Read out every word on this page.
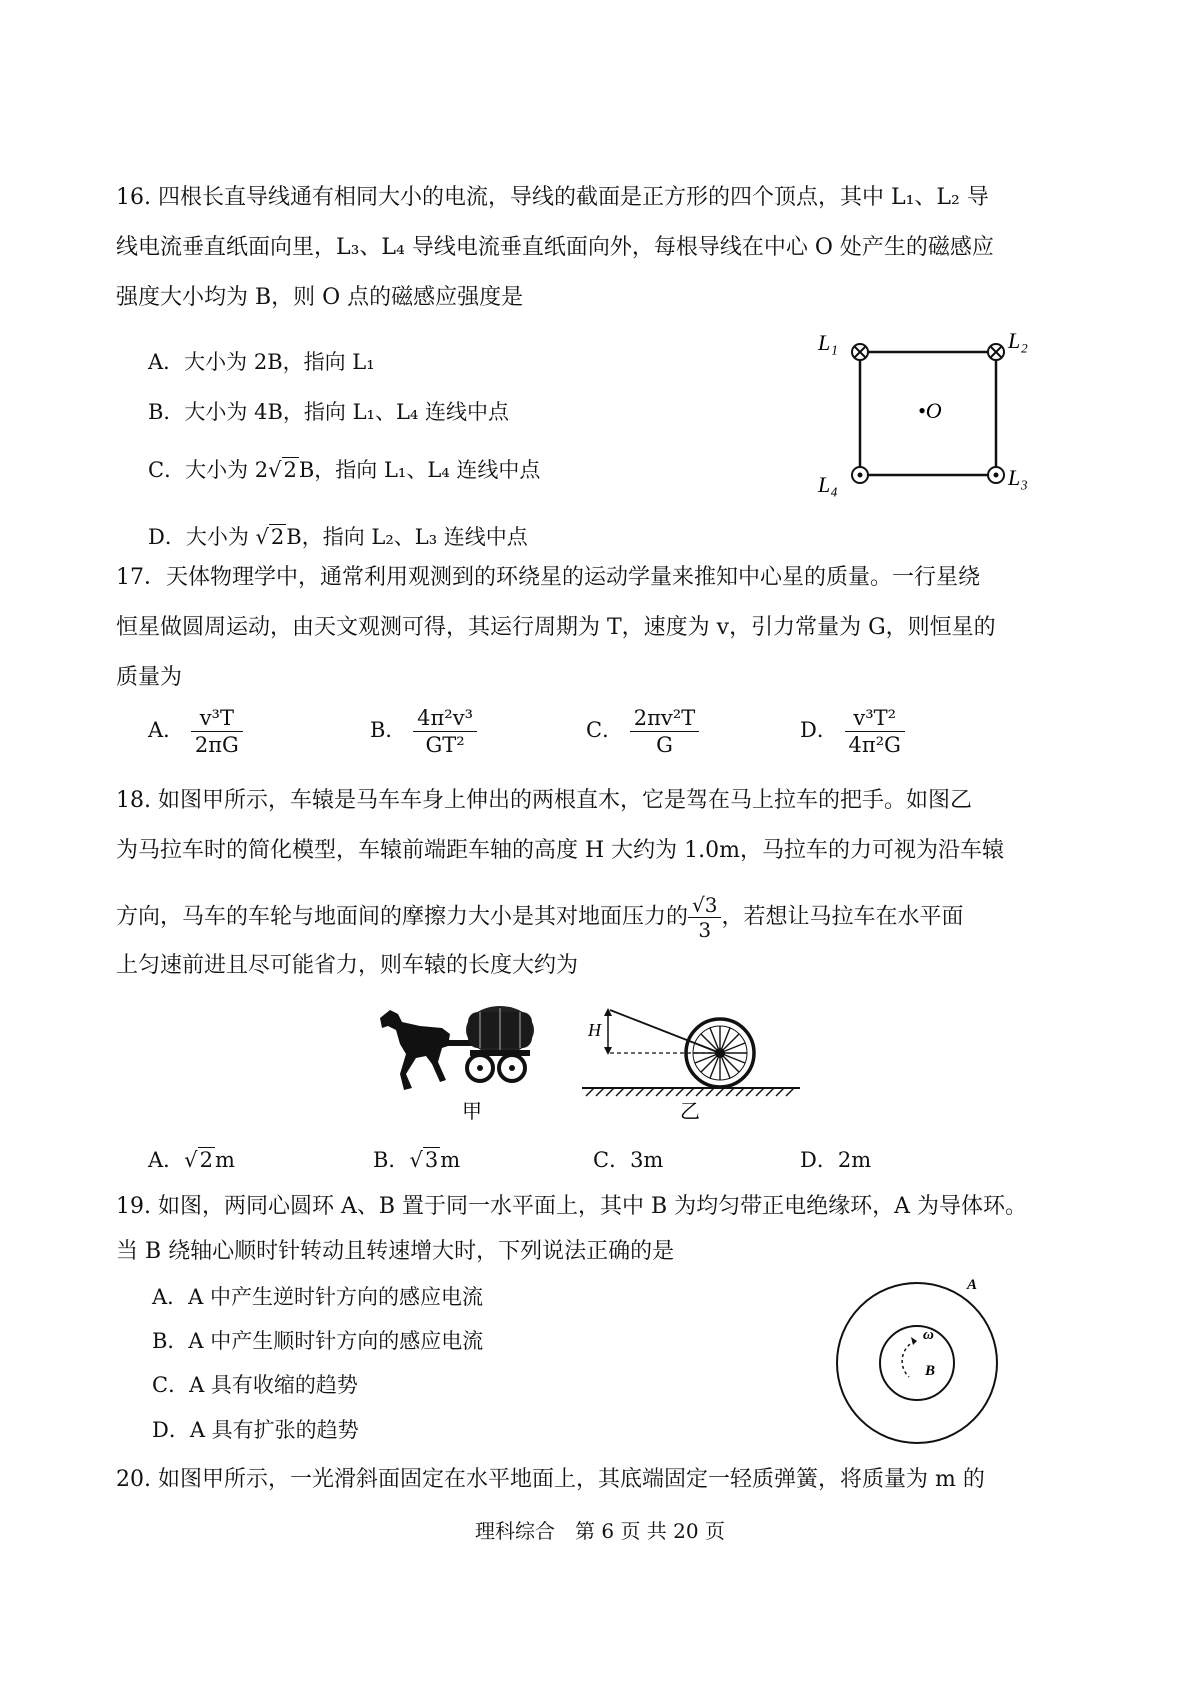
16. 四根长直导线通有相同大小的电流，导线的截面是正方形的四个顶点，其中 L₁、L₂ 导
线电流垂直纸面向里，L₃、L₄ 导线电流垂直纸面向外，每根导线在中心 O 处产生的磁感应
强度大小均为 B，则 O 点的磁感应强度是
A．大小为 2B，指向 L₁
B．大小为 4B，指向 L₁、L₄ 连线中点
C．大小为 2√2B，指向 L₁、L₄ 连线中点
D．大小为 √2B，指向 L₂、L₃ 连线中点
L₁	L₂
L₃
L₄
•O
17．天体物理学中，通常利用观测到的环绕星的运动学量来推知中心星的质量。一行星绕
恒星做圆周运动，由天文观测可得，其运行周期为 T，速度为 v，引力常量为 G，则恒星的
质量为
A． $\frac{\text{v³T}}{2\pi G}$	B． $\frac{\text{4π²v³}}{\text{GT²}}$	C． $\frac{\text{2πv²T}}{G}$	D． $\frac{\text{v³T²}}{\text{4π²G}}$
18. 如图甲所示，车辕是马车车身上伸出的两根直木，它是驾在马上拉车的把手。如图乙
为马拉车时的简化模型，车辕前端距车轴的高度 H 大约为 1.0m，马拉车的力可视为沿车辕
方向，马车的车轮与地面间的摩擦力大小是其对地面压力的 $\frac{√3}{3}$ ，若想让马拉车在水平面
上匀速前进且尽可能省力，则车辕的长度大约为
甲
H
乙
A．√2m	B．√3m	C．3m	D．2m
19. 如图，两同心圆环 A、B 置于同一水平面上，其中 B 为均匀带正电绝缘环，A 为导体环。
当 B 绕轴心顺时针转动且转速增大时，下列说法正确的是
A．A 中产生逆时针方向的感应电流
B．A 中产生顺时针方向的感应电流
C．A 具有收缩的趋势
D．A 具有扩张的趋势
ω
B
A
20. 如图甲所示，一光滑斜面固定在水平地面上，其底端固定一轻质弹簧，将质量为 m 的
理科综合　第 6 页 共 20 页
